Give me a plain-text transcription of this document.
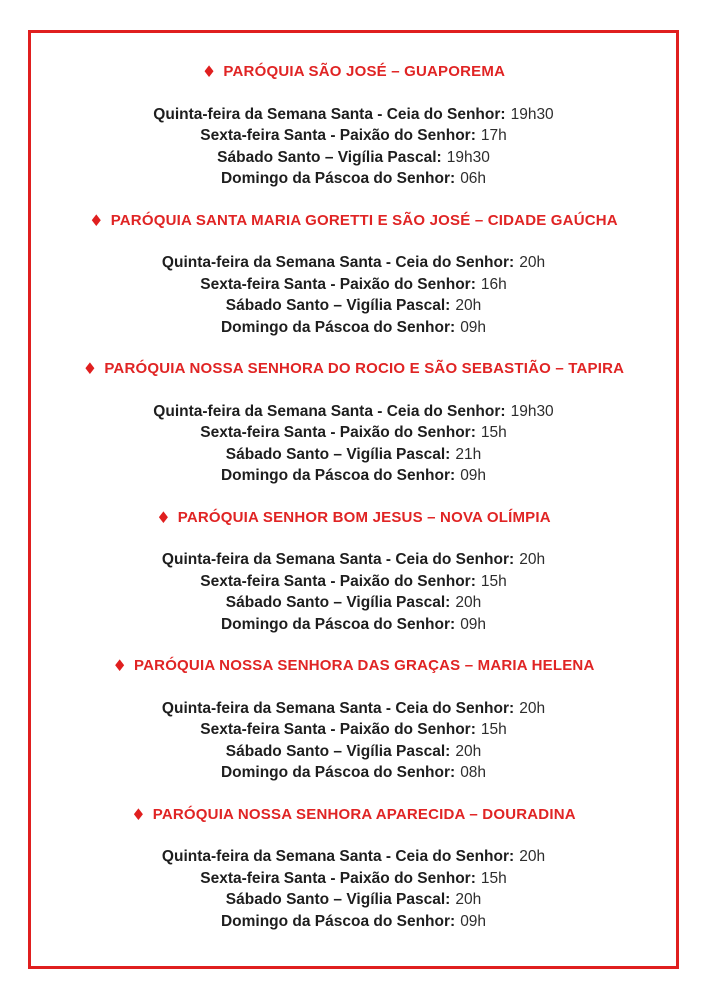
♦ PARÓQUIA SÃO JOSÉ – GUAPOREMA

Quinta-feira da Semana Santa - Ceia do Senhor: 19h30

Sexta-feira Santa - Paixão do Senhor: 17h

Sábado Santo – Vigília Pascal: 19h30

Domingo da Páscoa do Senhor: 06h

♦ PARÓQUIA SANTA MARIA GORETTI E SÃO JOSÉ – CIDADE GAÚCHA

Quinta-feira da Semana Santa - Ceia do Senhor: 20h

Sexta-feira Santa - Paixão do Senhor: 16h

Sábado Santo – Vigília Pascal: 20h

Domingo da Páscoa do Senhor: 09h

♦ PARÓQUIA NOSSA SENHORA DO ROCIO E SÃO SEBASTIÃO – TAPIRA

Quinta-feira da Semana Santa - Ceia do Senhor: 19h30

Sexta-feira Santa - Paixão do Senhor: 15h

Sábado Santo – Vigília Pascal: 21h

Domingo da Páscoa do Senhor: 09h

♦ PARÓQUIA SENHOR BOM JESUS – NOVA OLÍMPIA

Quinta-feira da Semana Santa - Ceia do Senhor: 20h

Sexta-feira Santa - Paixão do Senhor: 15h

Sábado Santo – Vigília Pascal: 20h

Domingo da Páscoa do Senhor: 09h

♦ PARÓQUIA NOSSA SENHORA DAS GRAÇAS – MARIA HELENA

Quinta-feira da Semana Santa - Ceia do Senhor: 20h

Sexta-feira Santa - Paixão do Senhor: 15h

Sábado Santo – Vigília Pascal: 20h

Domingo da Páscoa do Senhor: 08h

♦ PARÓQUIA NOSSA SENHORA APARECIDA – DOURADINA

Quinta-feira da Semana Santa - Ceia do Senhor: 20h

Sexta-feira Santa - Paixão do Senhor: 15h

Sábado Santo – Vigília Pascal: 20h

Domingo da Páscoa do Senhor: 09h
